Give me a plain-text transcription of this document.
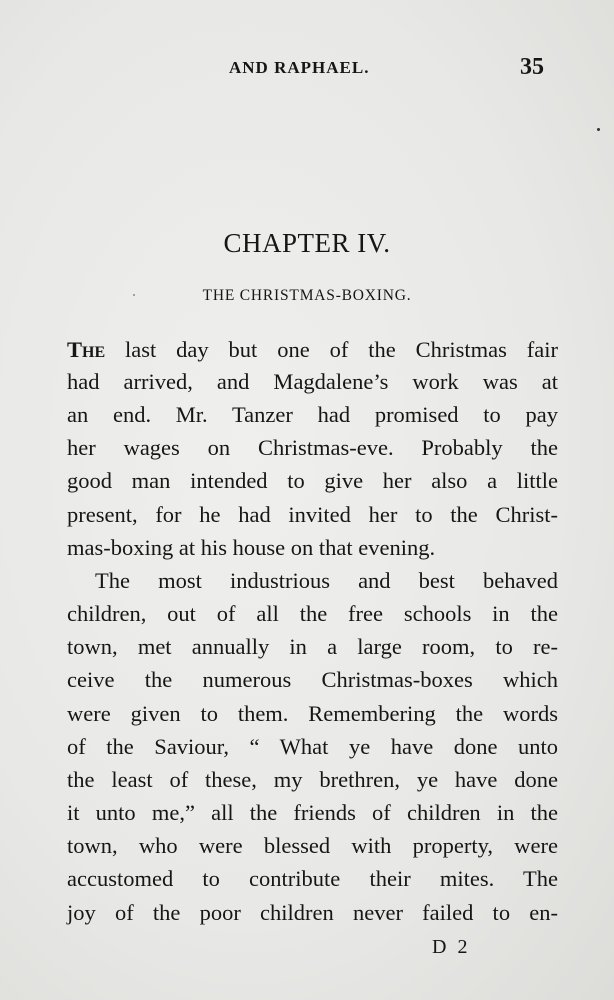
AND RAPHAEL.	35
CHAPTER IV.
THE CHRISTMAS-BOXING.
The last day but one of the Christmas fair
had arrived, and Magdalene’s work was at
an end. Mr. Tanzer had promised to pay
her wages on Christmas-eve. Probably the
good man intended to give her also a little
present, for he had invited her to the Christ-
mas-boxing at his house on that evening.
The most industrious and best behaved
children, out of all the free schools in the
town, met annually in a large room, to re-
ceive the numerous Christmas-boxes which
were given to them. Remembering the words
of the Saviour, “ What ye have done unto
the least of these, my brethren, ye have done
it unto me,” all the friends of children in the
town, who were blessed with property, were
accustomed to contribute their mites. The
joy of the poor children never failed to en-
D 2
